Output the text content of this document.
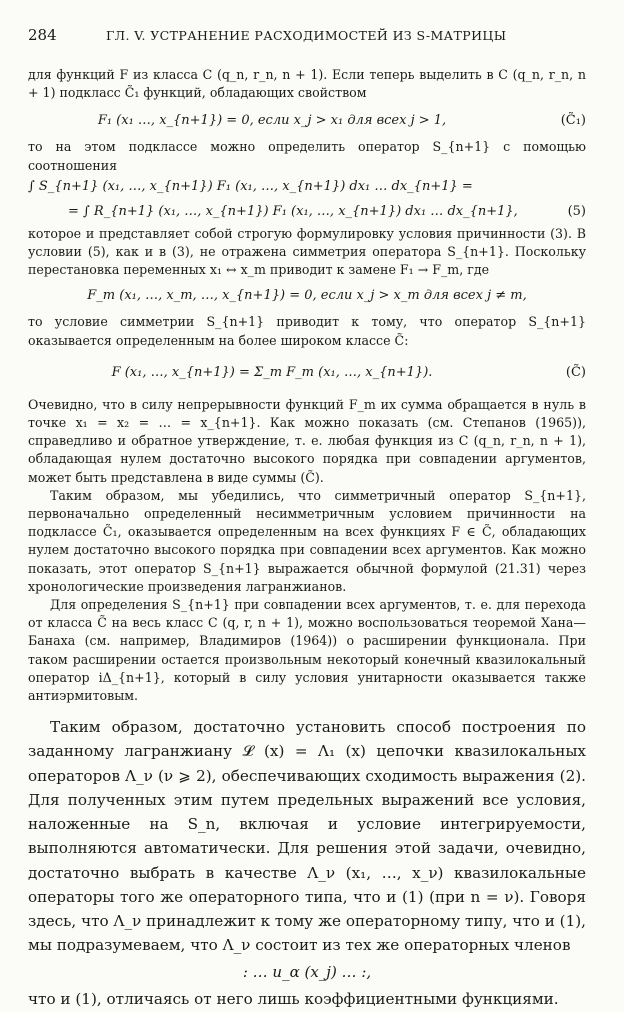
284	ГЛ. V. УСТРАНЕНИЕ РАСХОДИМОСТЕЙ ИЗ S-МАТРИЦЫ

для функций F из класса C (q_n, r_n, n + 1). Если теперь выделить в C (q_n, r_n, n + 1) подкласс C̃₁ функций, обладающих свойством

F₁ (x₁ …, x_{n+1}) = 0, если x_j > x₁ для всех j > 1,	(C̃₁)

то на этом подклассе можно определить оператор S_{n+1} с помощью соотношения

∫ S_{n+1} (x₁, …, x_{n+1}) F₁ (x₁, …, x_{n+1}) dx₁ … dx_{n+1} =
= ∫ R_{n+1} (x₁, …, x_{n+1}) F₁ (x₁, …, x_{n+1}) dx₁ … dx_{n+1},	(5)

которое и представляет собой строгую формулировку условия причинности (3). В условии (5), как и в (3), не отражена симметрия оператора S_{n+1}. Поскольку перестановка переменных x₁ ↔ x_m приводит к замене F₁ → F_m, где

F_m (x₁, …, x_m, …, x_{n+1}) = 0, если x_j > x_m для всех j ≠ m,

то условие симметрии S_{n+1} приводит к тому, что оператор S_{n+1} оказывается определенным на более широком классе C̃:

F (x₁, …, x_{n+1}) = Σ_m F_m (x₁, …, x_{n+1}).	(C̃)

Очевидно, что в силу непрерывности функций F_m их сумма обращается в нуль в точке x₁ = x₂ = … = x_{n+1}. Как можно показать (см. Степанов (1965)), справедливо и обратное утверждение, т. е. любая функция из C (q_n, r_n, n + 1), обладающая нулем достаточно высокого порядка при совпадении аргументов, может быть представлена в виде суммы (C̃).

Таким образом, мы убедились, что симметричный оператор S_{n+1}, первоначально определенный несимметричным условием причинности на подклассе C̃₁, оказывается определенным на всех функциях F ∈ C̃, обладающих нулем достаточно высокого порядка при совпадении всех аргументов. Как можно показать, этот оператор S_{n+1} выражается обычной формулой (21.31) через хронологические произведения лагранжианов.

Для определения S_{n+1} при совпадении всех аргументов, т. е. для перехода от класса C̃ на весь класс C (q, r, n + 1), можно воспользоваться теоремой Хана—Банаха (см. например, Владимиров (1964)) о расширении функционала. При таком расширении остается произвольным некоторый конечный квазилокальный оператор iΔ_{n+1}, который в силу условия унитарности оказывается также антиэрмитовым.

Таким образом, достаточно установить способ построения по заданному лагранжиану 𝓛 (x) = Λ₁ (x) цепочки квазилокальных операторов Λ_ν (ν ⩾ 2), обеспечивающих сходимость выражения (2). Для полученных этим путем предельных выражений все условия, наложенные на S_n, включая и условие интегрируемости, выполняются автоматически. Для решения этой задачи, очевидно, достаточно выбрать в качестве Λ_ν (x₁, …, x_ν) квазилокальные операторы того же операторного типа, что и (1) (при n = ν). Говоря здесь, что Λ_ν принадлежит к тому же операторному типу, что и (1), мы подразумеваем, что Λ_ν состоит из тех же операторных членов

: … u_α (x_j) … :,

что и (1), отличаясь от него лишь коэффициентными функциями.
